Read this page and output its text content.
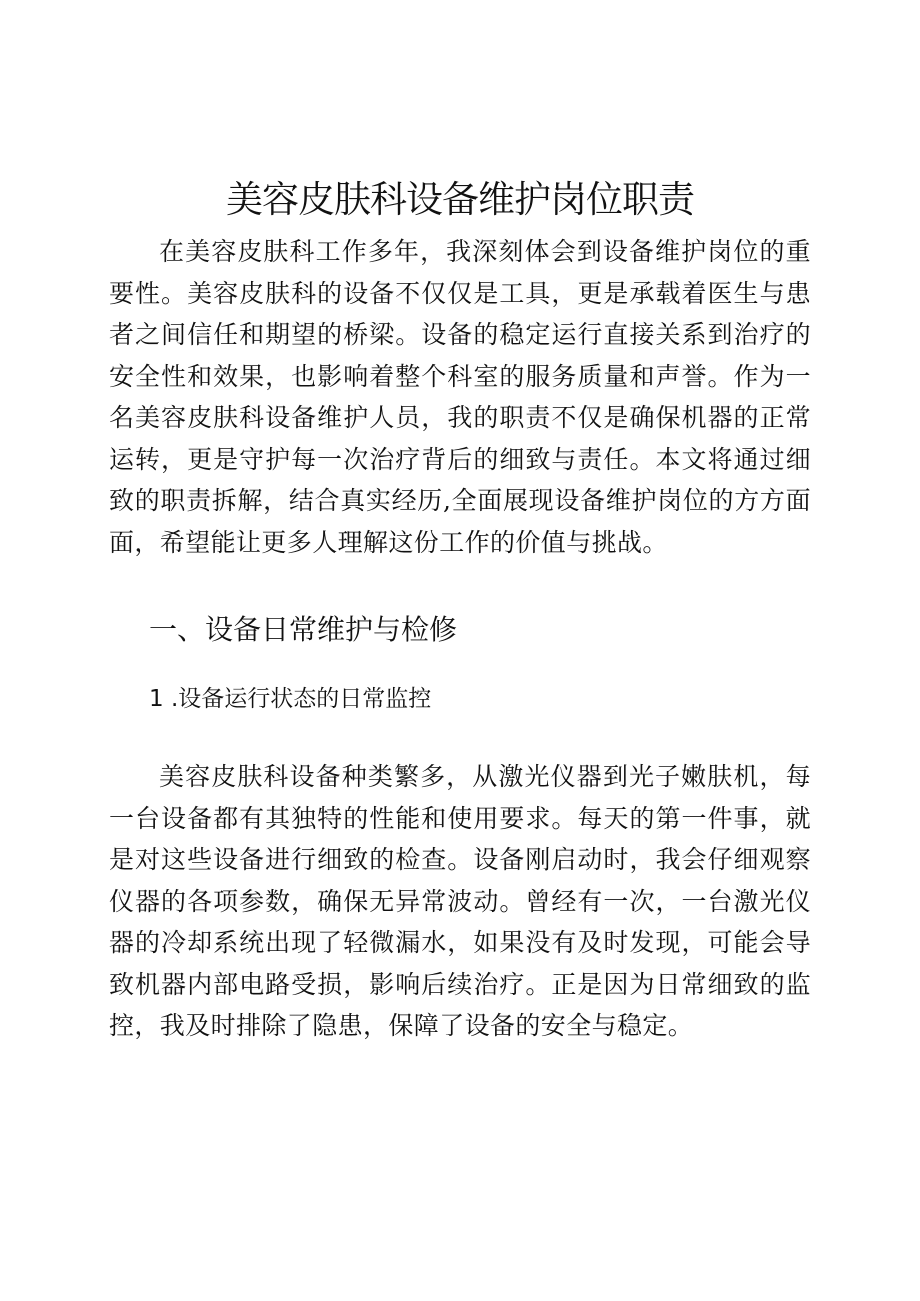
美容皮肤科设备维护岗位职责

在美容皮肤科工作多年，我深刻体会到设备维护岗位的重要性。美容皮肤科的设备不仅仅是工具，更是承载着医生与患者之间信任和期望的桥梁。设备的稳定运行直接关系到治疗的安全性和效果，也影响着整个科室的服务质量和声誉。作为一名美容皮肤科设备维护人员，我的职责不仅是确保机器的正常运转，更是守护每一次治疗背后的细致与责任。本文将通过细致的职责拆解，结合真实经历,全面展现设备维护岗位的方方面面，希望能让更多人理解这份工作的价值与挑战。

一、设备日常维护与检修
1 .设备运行状态的日常监控

美容皮肤科设备种类繁多，从激光仪器到光子嫩肤机，每一台设备都有其独特的性能和使用要求。每天的第一件事，就是对这些设备进行细致的检查。设备刚启动时，我会仔细观察仪器的各项参数，确保无异常波动。曾经有一次，一台激光仪器的冷却系统出现了轻微漏水，如果没有及时发现，可能会导致机器内部电路受损，影响后续治疗。正是因为日常细致的监控，我及时排除了隐患，保障了设备的安全与稳定。
